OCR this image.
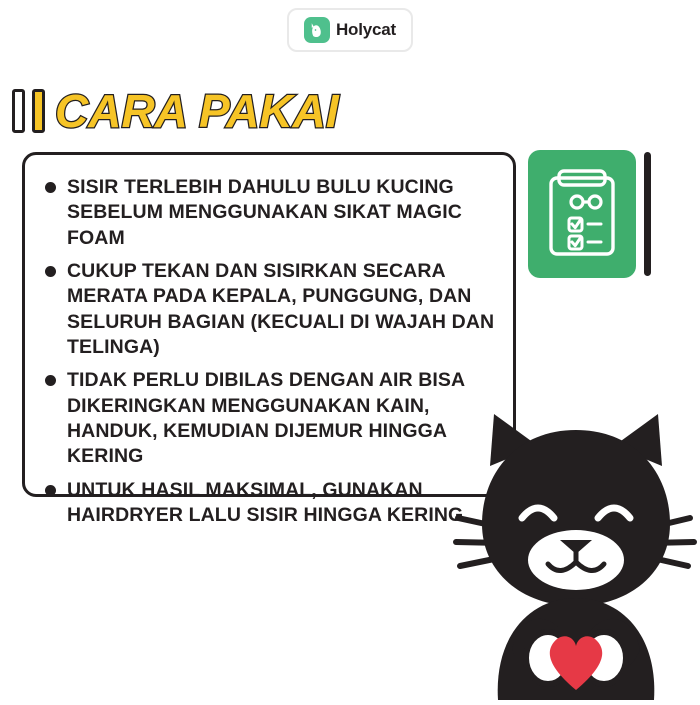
Holycat
CARA PAKAI
SISIR TERLEBIH DAHULU BULU KUCING SEBELUM MENGGUNAKAN SIKAT MAGIC FOAM
CUKUP TEKAN DAN SISIRKAN SECARA MERATA PADA KEPALA, PUNGGUNG, DAN SELURUH BAGIAN (KECUALI DI WAJAH DAN TELINGA)
TIDAK PERLU DIBILAS DENGAN AIR BISA DIKERINGKAN MENGGUNAKAN KAIN, HANDUK, KEMUDIAN DIJEMUR HINGGA KERING
UNTUK HASIL MAKSIMAL, GUNAKAN HAIRDRYER LALU SISIR HINGGA KERING.
